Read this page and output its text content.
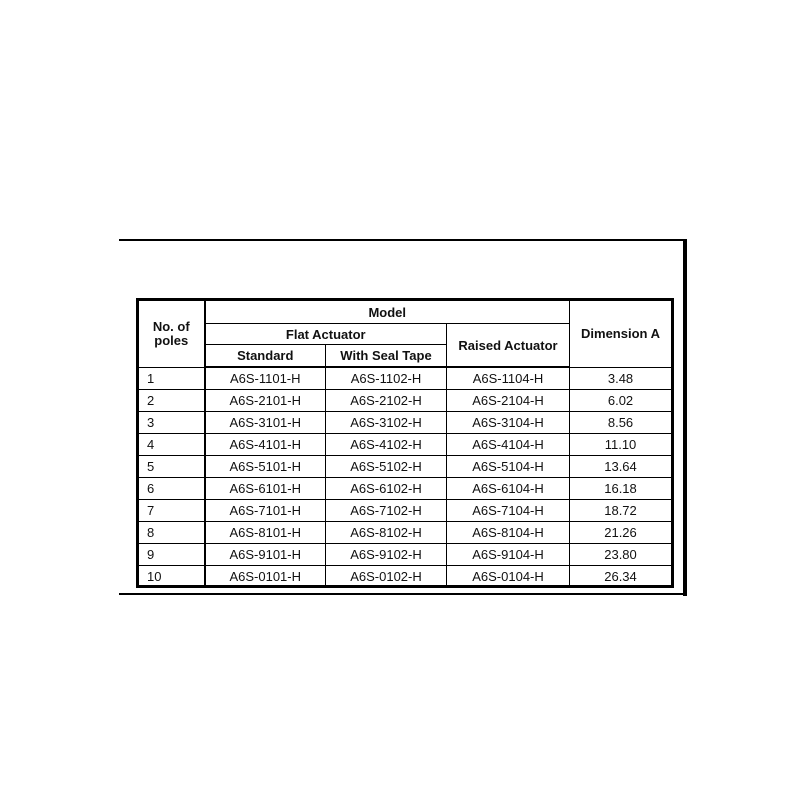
No. of
poles	Model			Dimension A
	Flat Actuator		Raised Actuator	
	Standard	With Seal Tape		
1	A6S-1101-H	A6S-1102-H	A6S-1104-H	3.48
2	A6S-2101-H	A6S-2102-H	A6S-2104-H	6.02
3	A6S-3101-H	A6S-3102-H	A6S-3104-H	8.56
4	A6S-4101-H	A6S-4102-H	A6S-4104-H	11.10
5	A6S-5101-H	A6S-5102-H	A6S-5104-H	13.64
6	A6S-6101-H	A6S-6102-H	A6S-6104-H	16.18
7	A6S-7101-H	A6S-7102-H	A6S-7104-H	18.72
8	A6S-8101-H	A6S-8102-H	A6S-8104-H	21.26
9	A6S-9101-H	A6S-9102-H	A6S-9104-H	23.80
10	A6S-0101-H	A6S-0102-H	A6S-0104-H	26.34
